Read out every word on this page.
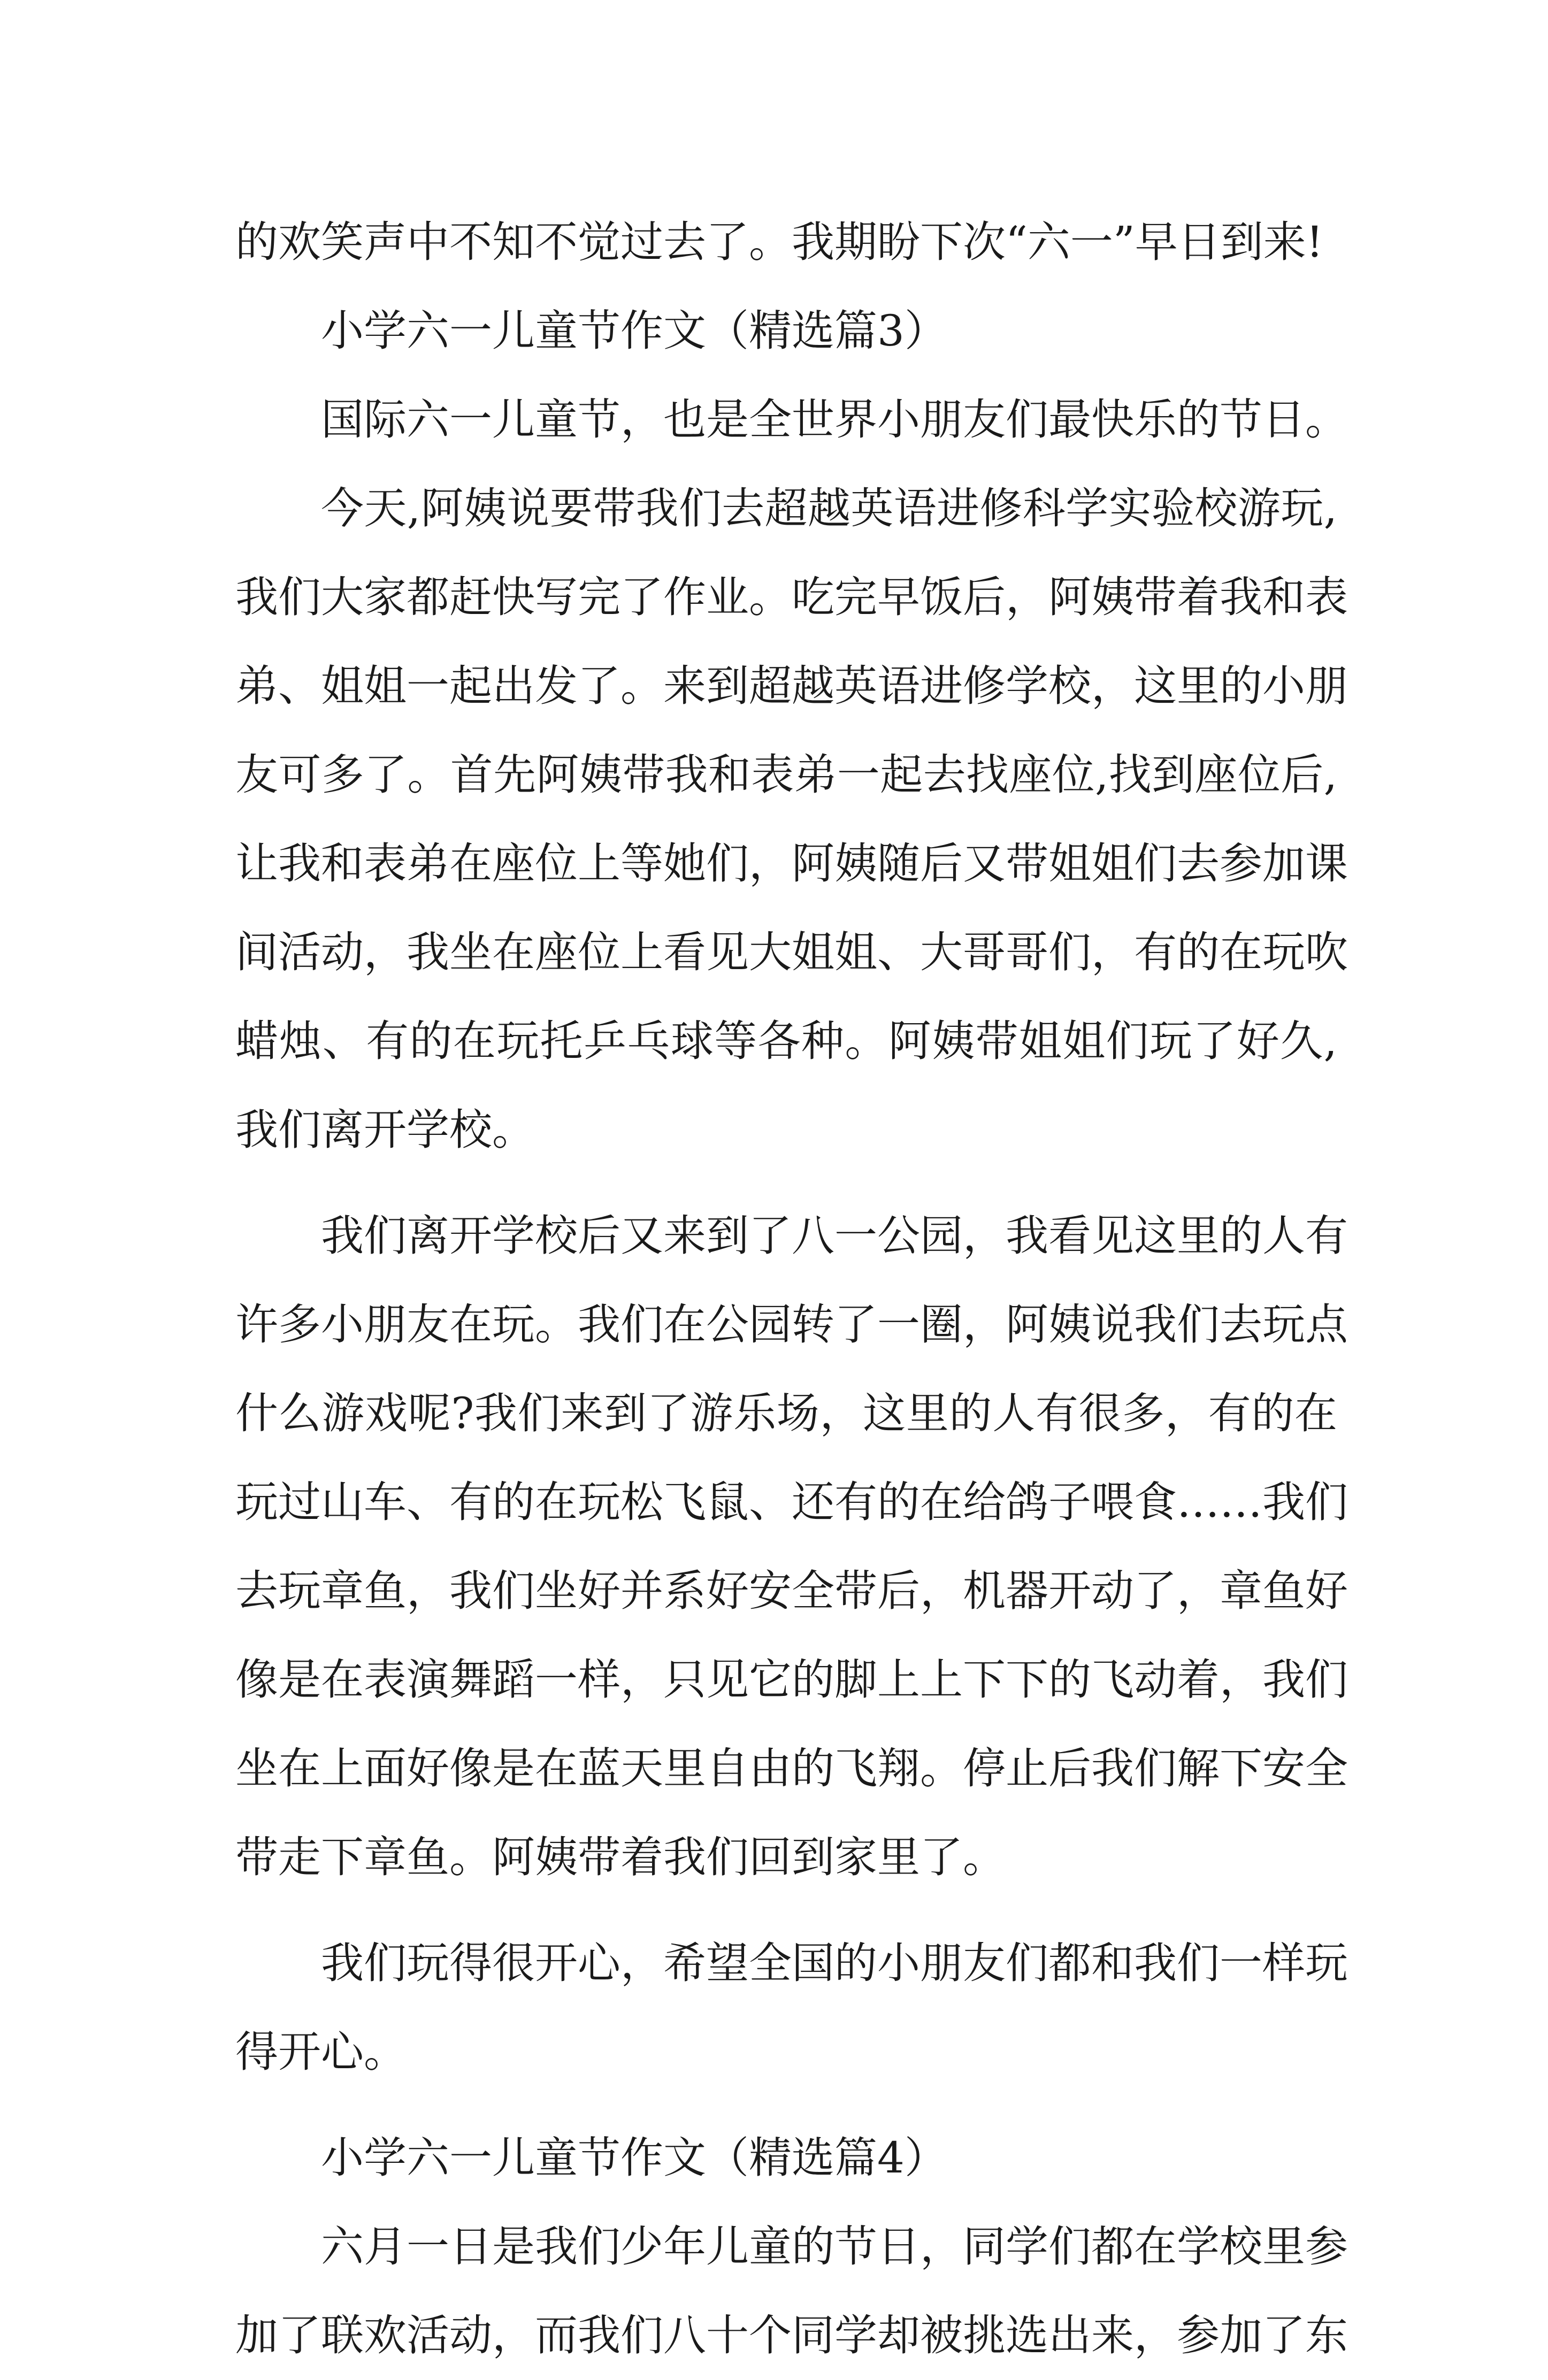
的欢笑声中不知不觉过去了。我期盼下次“六一”早日到来!
小学六一儿童节作文（精选篇3）
国际六一儿童节，也是全世界小朋友们最快乐的节日。
今天,阿姨说要带我们去超越英语进修科学实验校游玩,
我们大家都赶快写完了作业。吃完早饭后，阿姨带着我和表
弟、姐姐一起出发了。来到超越英语进修学校，这里的小朋
友可多了。首先阿姨带我和表弟一起去找座位,找到座位后,
让我和表弟在座位上等她们，阿姨随后又带姐姐们去参加课
间活动，我坐在座位上看见大姐姐、大哥哥们，有的在玩吹
蜡烛、有的在玩托乒乓球等各种。阿姨带姐姐们玩了好久,
我们离开学校。
我们离开学校后又来到了八一公园，我看见这里的人有
许多小朋友在玩。我们在公园转了一圈，阿姨说我们去玩点
什么游戏呢?我们来到了游乐场，这里的人有很多，有的在
玩过山车、有的在玩松飞鼠、还有的在给鸽子喂食……我们
去玩章鱼，我们坐好并系好安全带后，机器开动了，章鱼好
像是在表演舞蹈一样，只见它的脚上上下下的飞动着，我们
坐在上面好像是在蓝天里自由的飞翔。停止后我们解下安全
带走下章鱼。阿姨带着我们回到家里了。
我们玩得很开心，希望全国的小朋友们都和我们一样玩
得开心。
小学六一儿童节作文（精选篇4）
六月一日是我们少年儿童的节日，同学们都在学校里参
加了联欢活动，而我们八十个同学却被挑选出来，参加了东
